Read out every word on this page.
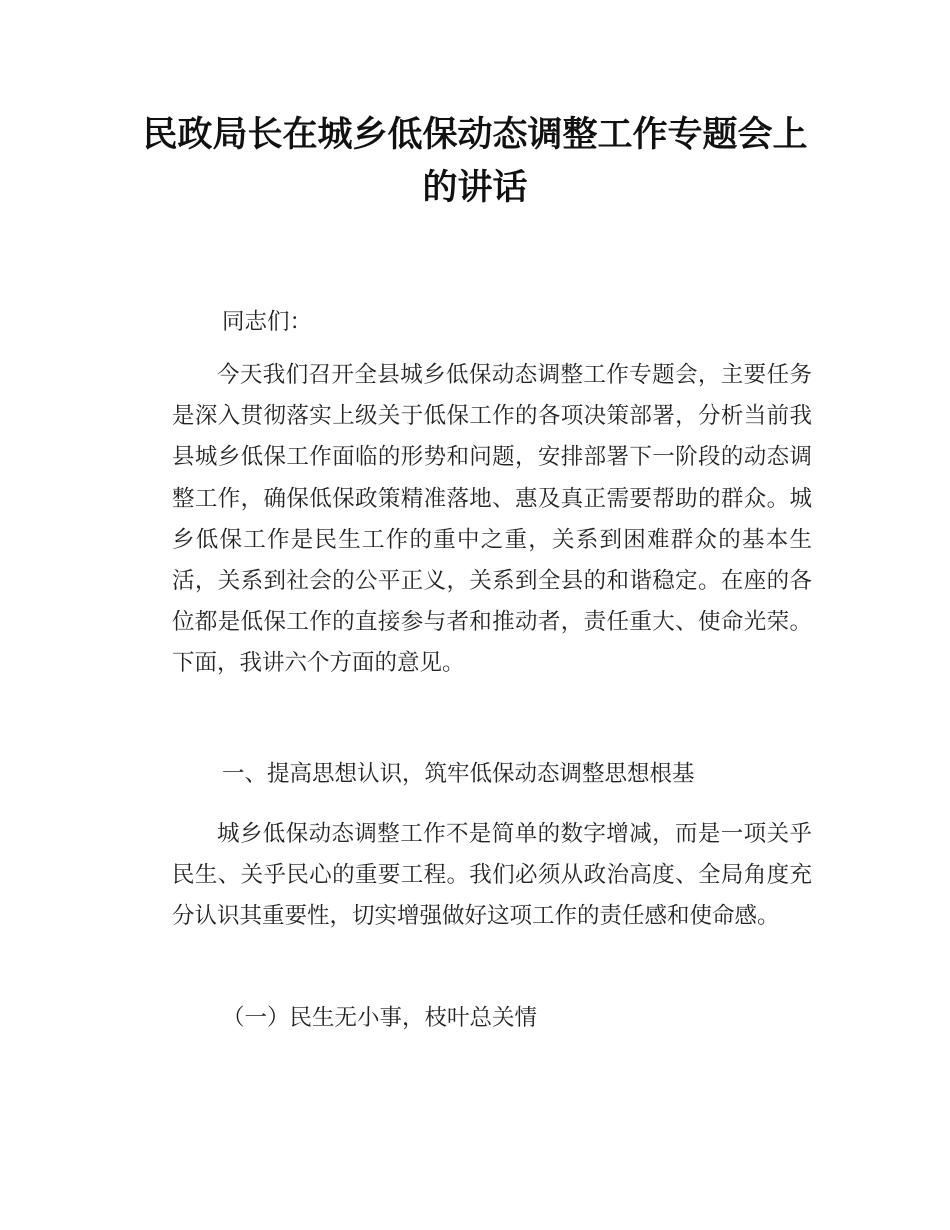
民政局长在城乡低保动态调整工作专题会上
的讲话

同志们：

今天我们召开全县城乡低保动态调整工作专题会，主要任务是深入贯彻落实上级关于低保工作的各项决策部署，分析当前我县城乡低保工作面临的形势和问题，安排部署下一阶段的动态调整工作，确保低保政策精准落地、惠及真正需要帮助的群众。城乡低保工作是民生工作的重中之重，关系到困难群众的基本生活，关系到社会的公平正义，关系到全县的和谐稳定。在座的各位都是低保工作的直接参与者和推动者，责任重大、使命光荣。下面，我讲六个方面的意见。

一、提高思想认识，筑牢低保动态调整思想根基

城乡低保动态调整工作不是简单的数字增减，而是一项关乎民生、关乎民心的重要工程。我们必须从政治高度、全局角度充分认识其重要性，切实增强做好这项工作的责任感和使命感。

（一）民生无小事，枝叶总关情
